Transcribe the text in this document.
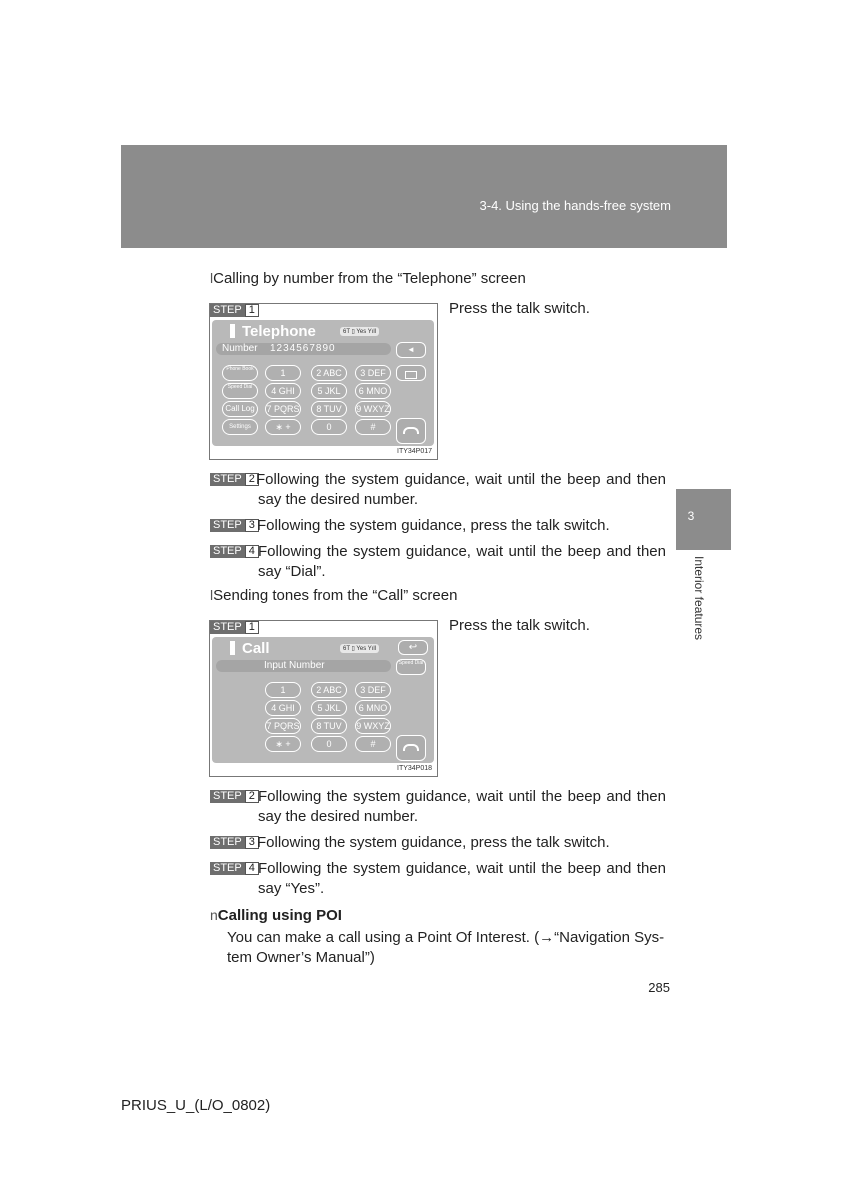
3-4. Using the hands-free system
3
Interior features
lCalling by number from the “Telephone” screen
STEP 1
Telephone	6T ▯ Yes Yıll
Number 1234567890	◄
Phone Book
Speed Dial
Call Log
Settings
1	2 ABC	3 DEF
4 GHI	5 JKL	6 MNO
7 PQRS	8 TUV	9 WXYZ
∗ +	0	#
ITY34P017
Press the talk switch.
STEP 2 Following the system guidance, wait until the beep and then say the desired number.
STEP 3 Following the system guidance, press the talk switch.
STEP 4 Following the system guidance, wait until the beep and then say “Dial”.
lSending tones from the “Call” screen
STEP 1
Call	6T ▯ Yes Yıll	↩
Input Number	Speed Dial
1	2 ABC	3 DEF
4 GHI	5 JKL	6 MNO
7 PQRS	8 TUV	9 WXYZ
∗ +	0	#
ITY34P018
Press the talk switch.
STEP 2 Following the system guidance, wait until the beep and then say the desired number.
STEP 3 Following the system guidance, press the talk switch.
STEP 4 Following the system guidance, wait until the beep and then say “Yes”.
nCalling using POI
You can make a call using a Point Of Interest. (→“Navigation Sys-
tem Owner’s Manual”)
285
PRIUS_U_(L/O_0802)
